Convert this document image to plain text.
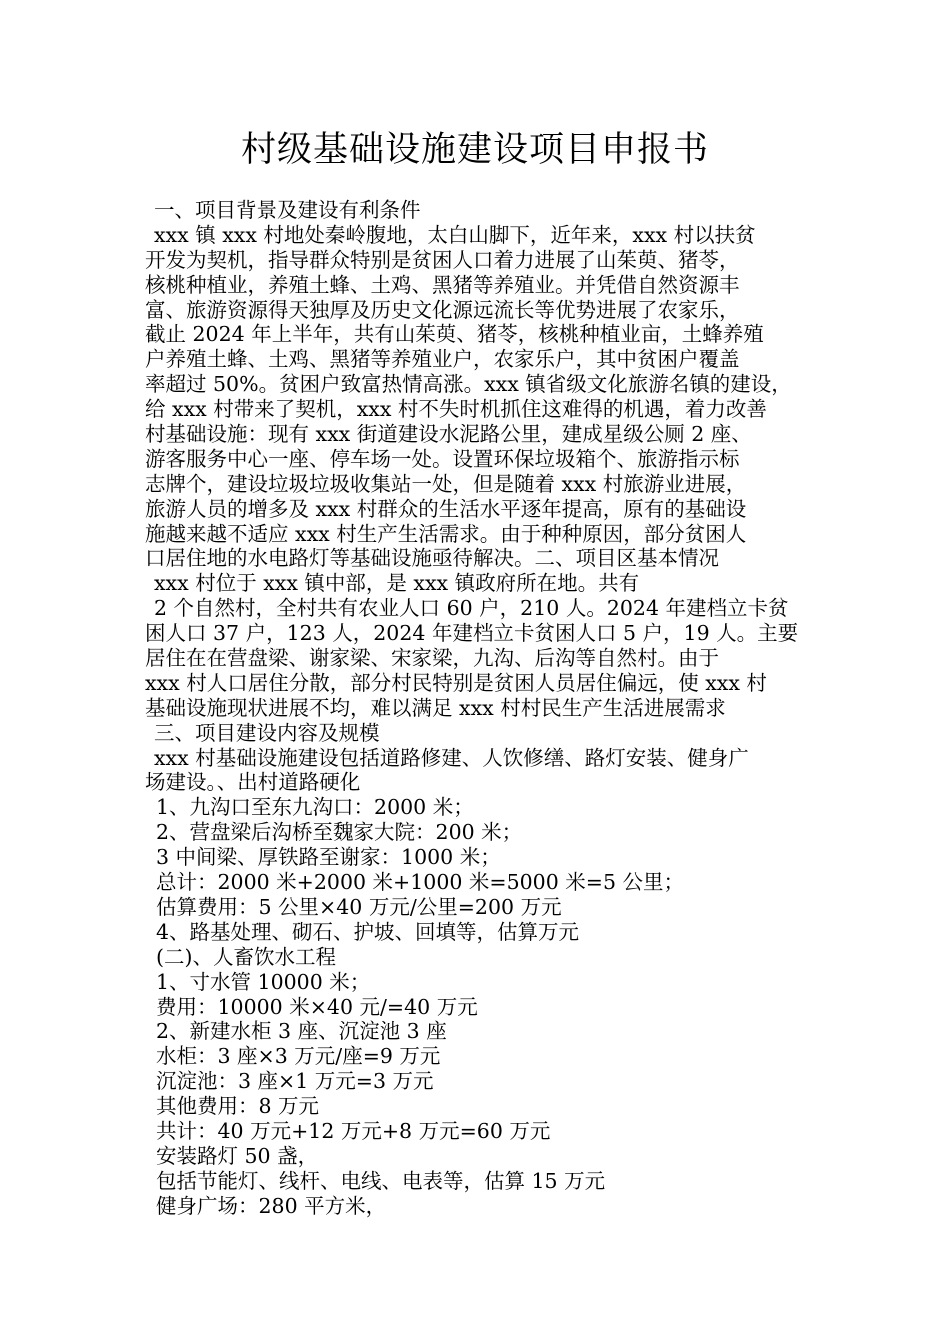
村级基础设施建设项目申报书
一、项目背景及建设有利条件
xxx 镇 xxx 村地处秦岭腹地，太白山脚下，近年来，xxx 村以扶贫
开发为契机，指导群众特别是贫困人口着力进展了山茱萸、猪苓，
核桃种植业，养殖土蜂、土鸡、黑猪等养殖业。并凭借自然资源丰
富、旅游资源得天独厚及历史文化源远流长等优势进展了农家乐，
截止 2024 年上半年，共有山茱萸、猪苓，核桃种植业亩，土蜂养殖
户养殖土蜂、土鸡、黑猪等养殖业户，农家乐户，其中贫困户覆盖
率超过 50%。贫困户致富热情高涨。xxx 镇省级文化旅游名镇的建设，
给 xxx 村带来了契机，xxx 村不失时机抓住这难得的机遇，着力改善
村基础设施：现有 xxx 街道建设水泥路公里，建成星级公厕 2 座、
游客服务中心一座、停车场一处。设置环保垃圾箱个、旅游指示标
志牌个，建设垃圾垃圾收集站一处，但是随着 xxx 村旅游业进展，
旅游人员的增多及 xxx 村群众的生活水平逐年提高，原有的基础设
施越来越不适应 xxx 村生产生活需求。由于种种原因，部分贫困人
口居住地的水电路灯等基础设施亟待解决。二、项目区基本情况
xxx 村位于 xxx 镇中部，是 xxx 镇政府所在地。共有
2 个自然村，全村共有农业人口 60 户，210 人。2024 年建档立卡贫
困人口 37 户，123 人，2024 年建档立卡贫困人口 5 户，19 人。主要
居住在在营盘梁、谢家梁、宋家梁，九沟、后沟等自然村。由于
xxx 村人口居住分散，部分村民特别是贫困人员居住偏远，使 xxx 村
基础设施现状进展不均，难以满足 xxx 村村民生产生活进展需求
三、项目建设内容及规模
xxx 村基础设施建设包括道路修建、人饮修缮、路灯安装、健身广
场建设。、出村道路硬化
1、九沟口至东九沟口：2000 米；
2、营盘梁后沟桥至魏家大院：200 米；
3 中间梁、厚铁路至谢家：1000 米；
总计：2000 米+2000 米+1000 米=5000 米=5 公里；
估算费用：5 公里×40 万元/公里=200 万元
4、路基处理、砌石、护坡、回填等，估算万元
(二)、人畜饮水工程
1、寸水管 10000 米；
费用：10000 米×40 元/=40 万元
2、新建水柜 3 座、沉淀池 3 座
水柜：3 座×3 万元/座=9 万元
沉淀池：3 座×1 万元=3 万元
其他费用：8 万元
共计：40 万元+12 万元+8 万元=60 万元
安装路灯 50 盏，
包括节能灯、线杆、电线、电表等，估算 15 万元
健身广场：280 平方米，
